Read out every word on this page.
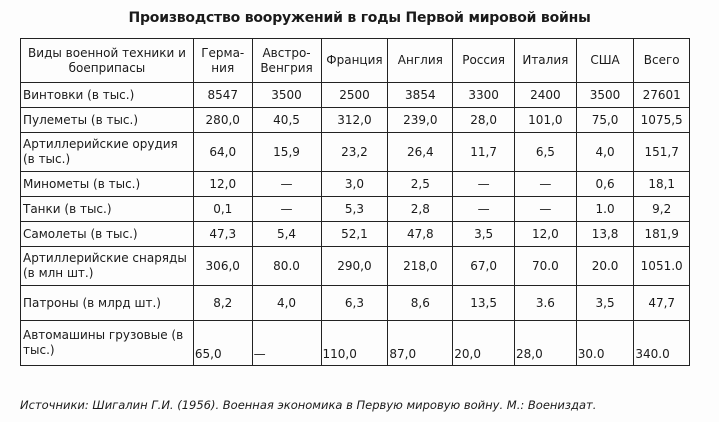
Производство вооружений в годы Первой мировой войны
Виды военной техники и боеприпасы	Герма-ния	Австро-Венгрия	Франция	Англия	Россия	Италия	США	Всего
Винтовки (в тыс.)	8547	3500	2500	3854	3300	2400	3500	27601
Пулеметы (в тыс.)	280,0	40,5	312,0	239,0	28,0	101,0	75,0	1075,5
Артиллерийские орудия (в тыс.)	64,0	15,9	23,2	26,4	11,7	6,5	4,0	151,7
Минометы (в тыс.)	12,0	—	3,0	2,5	—	—	0,6	18,1
Танки (в тыс.)	0,1	—	5,3	2,8	—	—	1.0	9,2
Самолеты (в тыс.)	47,3	5,4	52,1	47,8	3,5	12,0	13,8	181,9
Артиллерийские снаряды (в млн шт.)	306,0	80.0	290,0	218,0	67,0	70.0	20.0	1051.0
Патроны (в млрд шт.)	8,2	4,0	6,3	8,6	13,5	3.6	3,5	47,7
Автомашины грузовые (в тыс.)	65,0	—	110,0	87,0	20,0	28,0	30.0	340.0
Источники: Шигалин Г.И. (1956). Военная экономика в Первую мировую войну. М.: Воениздат.
